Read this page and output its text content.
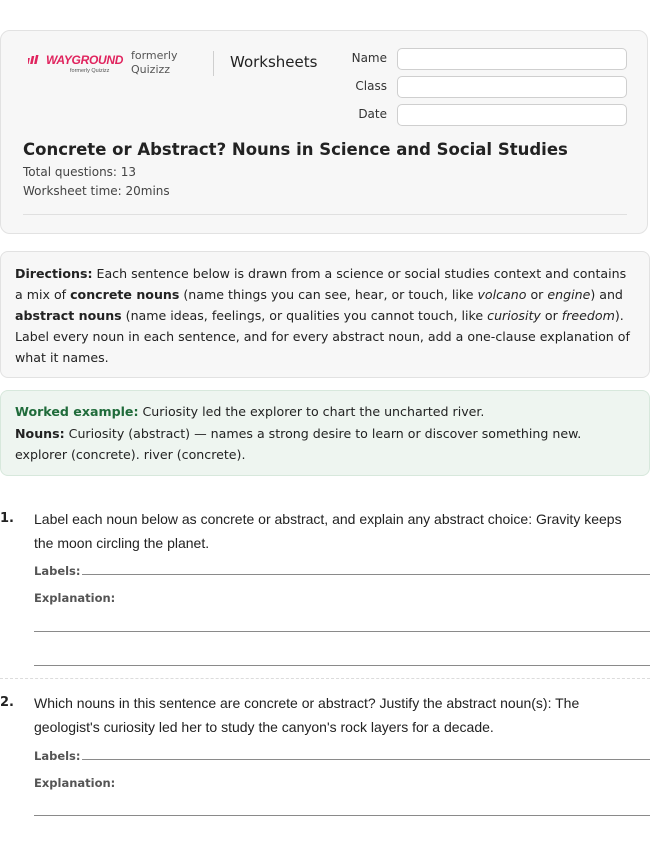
WAYGROUND
formerly Quizizz
formerly
Quizizz	Worksheets	Name
Class
Date
Concrete or Abstract? Nouns in Science and Social Studies
Total questions: 13
Worksheet time: 20mins
Directions: Each sentence below is drawn from a science or social studies context and contains a mix of concrete nouns (name things you can see, hear, or touch, like volcano or engine) and abstract nouns (name ideas, feelings, or qualities you cannot touch, like curiosity or freedom). Label every noun in each sentence, and for every abstract noun, add a one-clause explanation of what it names.
Worked example: Curiosity led the explorer to chart the uncharted river.
Nouns: Curiosity (abstract) — names a strong desire to learn or discover something new. explorer (concrete). river (concrete).
1. Label each noun below as concrete or abstract, and explain any abstract choice: Gravity keeps the moon circling the planet.
Labels:
Explanation:
2. Which nouns in this sentence are concrete or abstract? Justify the abstract noun(s): The geologist's curiosity led her to study the canyon's rock layers for a decade.
Labels:
Explanation:
